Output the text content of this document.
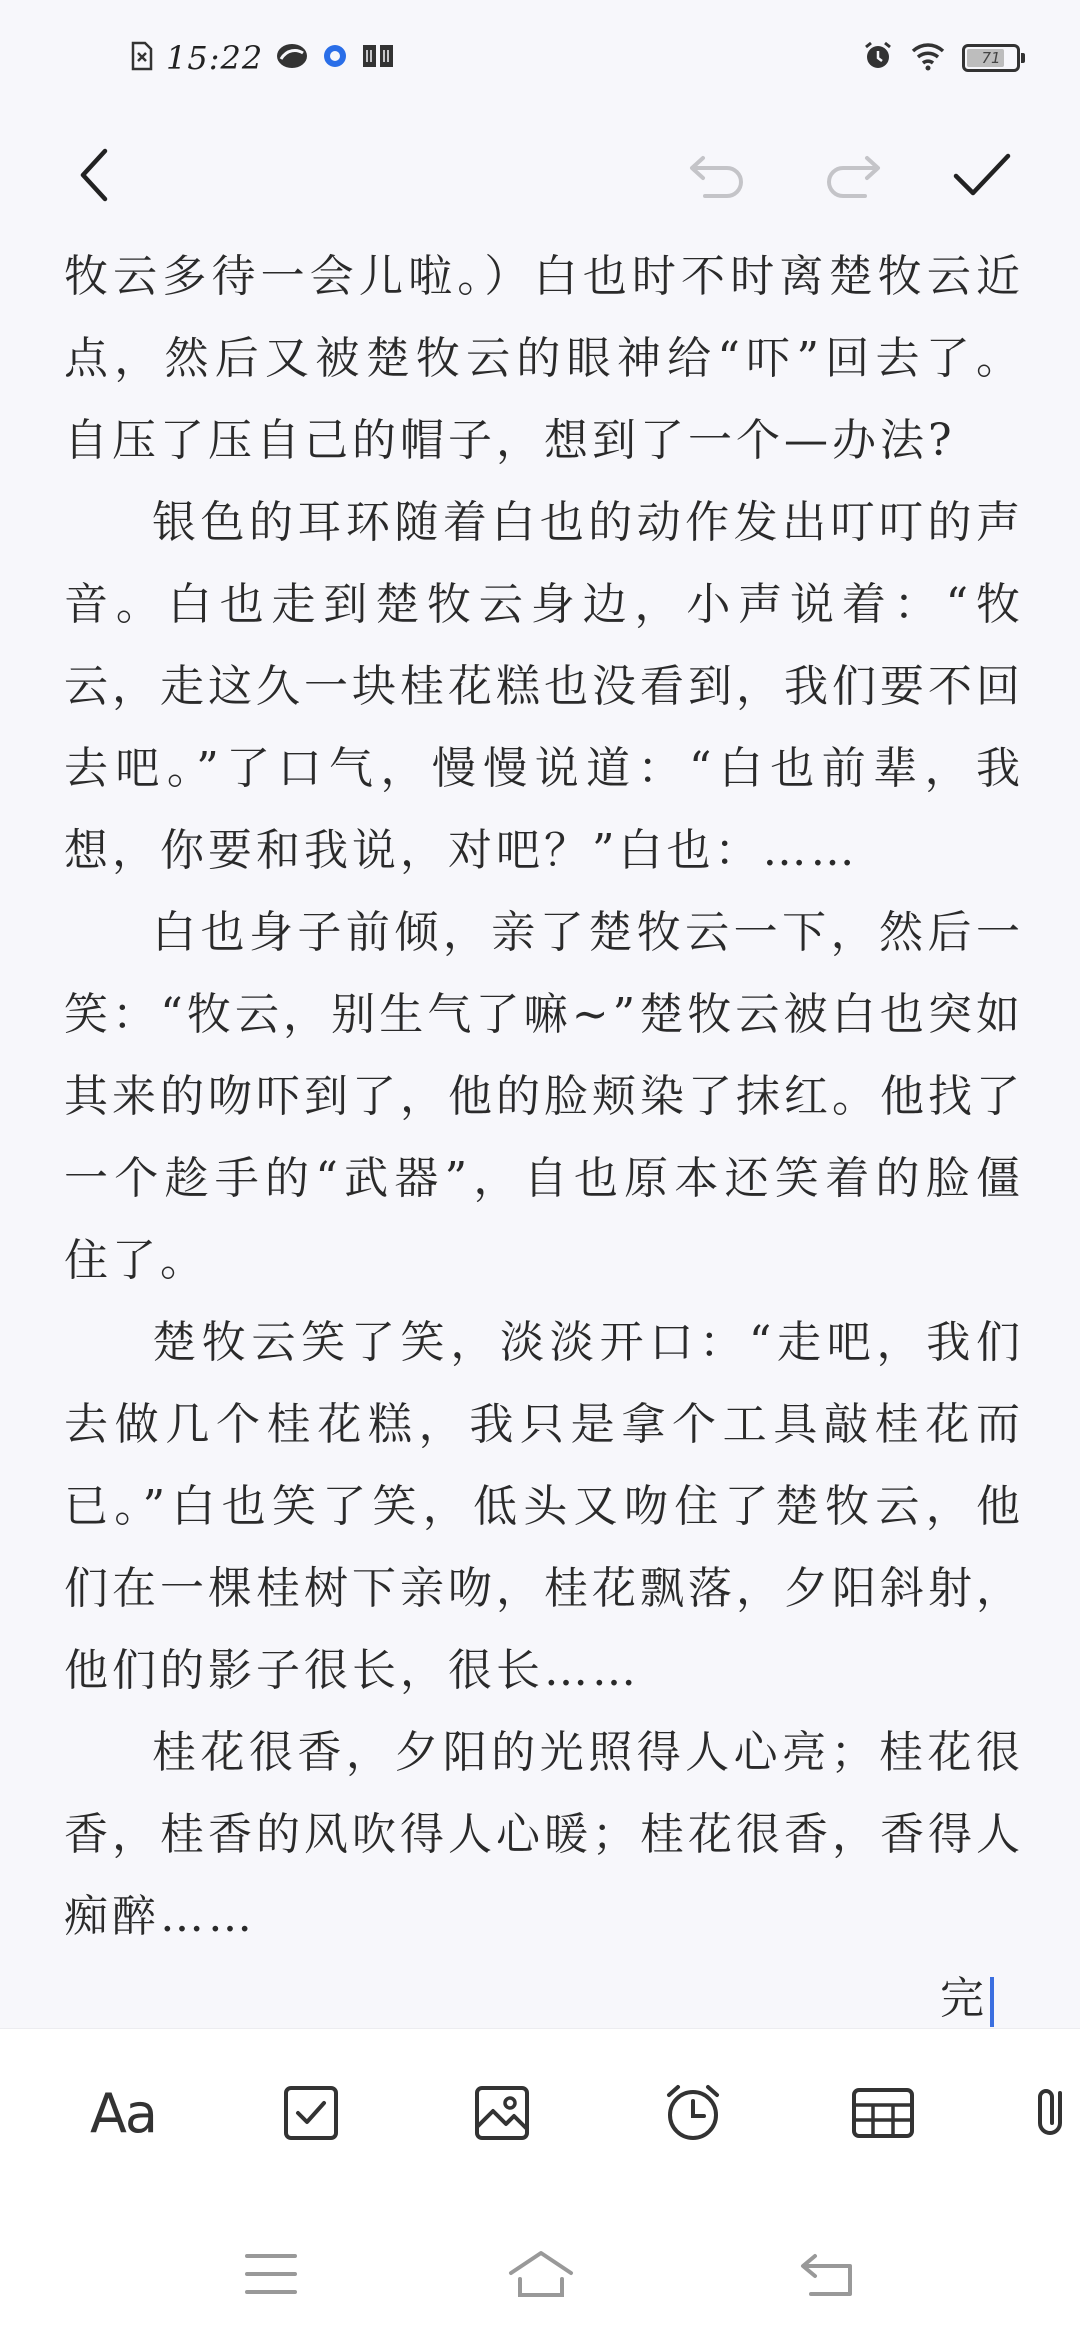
15:22	71

牧云多待一会儿啦。）白也时不时离楚牧云近点，然后又被楚牧云的眼神给“吓”回去了。自压了压自己的帽子，想到了一个—办法?

银色的耳环随着白也的动作发出叮叮的声音。白也走到楚牧云身边，小声说着：“牧云，走这久一块桂花糕也没看到，我们要不回去吧。”了口气，慢慢说道：“白也前辈，我想，你要和我说，对吧？”白也：……

白也身子前倾，亲了楚牧云一下，然后一笑：“牧云，别生气了嘛~”楚牧云被白也突如其来的吻吓到了，他的脸颊染了抹红。他找了一个趁手的“武器”，自也原本还笑着的脸僵住了。

楚牧云笑了笑，淡淡开口：“走吧，我们去做几个桂花糕，我只是拿个工具敲桂花而已。”白也笑了笑，低头又吻住了楚牧云，他们在一棵桂树下亲吻，桂花飘落，夕阳斜射，他们的影子很长，很长……

桂花很香，夕阳的光照得人心亮；桂花很香，桂香的风吹得人心暖；桂花很香，香得人痴醉……

完

Aa
